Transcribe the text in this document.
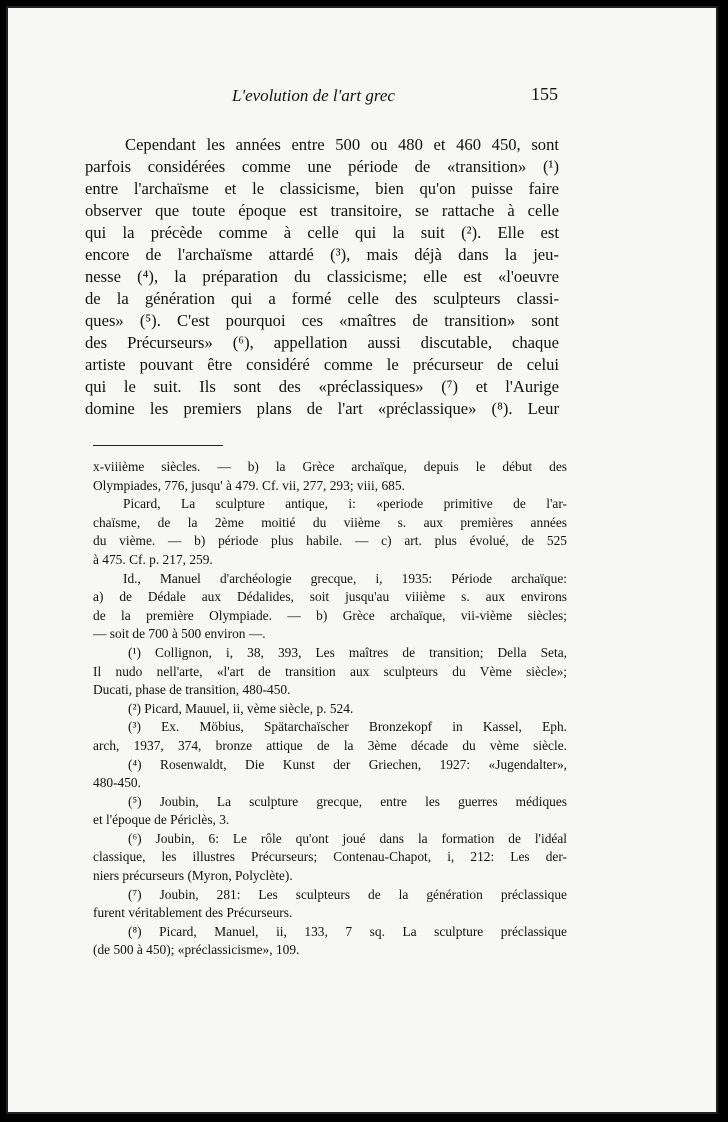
L'evolution de l'art grec	155
Cependant les années entre 500 ou 480 et 460 450, sont
parfois considérées comme une période de «transition» (¹)
entre l'archaïsme et le classicisme, bien qu'on puisse faire
observer que toute époque est transitoire, se rattache à celle
qui la précède comme à celle qui la suit (²). Elle est
encore de l'archaïsme attardé (³), mais déjà dans la jeu-
nesse (⁴), la préparation du classicisme; elle est «l'oeuvre
de la génération qui a formé celle des sculpteurs classi-
ques» (⁵). C'est pourquoi ces «maîtres de transition» sont
des Précurseurs» (⁶), appellation aussi discutable, chaque
artiste pouvant être considéré comme le précurseur de celui
qui le suit. Ils sont des «préclassiques» (⁷) et l'Aurige
domine les premiers plans de l'art «préclassique» (⁸). Leur
x-viiième siècles. — b) la Grèce archaïque, depuis le début des
Olympiades, 776, jusqu' à 479. Cf. vii, 277, 293; viii, 685.
Picard, La sculpture antique, i: «periode primitive de l'ar-
chaïsme, de la 2ème moitié du viième s. aux premières années
du vième. — b) période plus habile. — c) art. plus évolué, de 525
à 475. Cf. p. 217, 259.
Id., Manuel d'archéologie grecque, i, 1935: Période archaïque:
a) de Dédale aux Dédalides, soit jusqu'au viiième s. aux environs
de la première Olympiade. — b) Grèce archaïque, vii-vième siècles;
— soit de 700 à 500 environ —.
(¹) Collignon, i, 38, 393, Les maîtres de transition; Della Seta,
Il nudo nell'arte, «l'art de transition aux sculpteurs du Vème siècle»;
Ducati, phase de transition, 480-450.
(²) Picard, Mauuel, ii, vème siècle, p. 524.
(³) Ex. Möbius, Spätarchaïscher Bronzekopf in Kassel, Eph.
arch, 1937, 374, bronze attique de la 3ème décade du vème siècle.
(⁴) Rosenwaldt, Die Kunst der Griechen, 1927: «Jugendalter»,
480-450.
(⁵) Joubin, La sculpture grecque, entre les guerres médiques
et l'époque de Périclès, 3.
(⁶) Joubin, 6: Le rôle qu'ont joué dans la formation de l'idéal
classique, les illustres Précurseurs; Contenau-Chapot, i, 212: Les der-
niers précurseurs (Myron, Polyclète).
(⁷) Joubin, 281: Les sculpteurs de la génération préclassique
furent véritablement des Précurseurs.
(⁸) Picard, Manuel, ii, 133, 7 sq. La sculpture préclassique
(de 500 à 450); «préclassicisme», 109.
